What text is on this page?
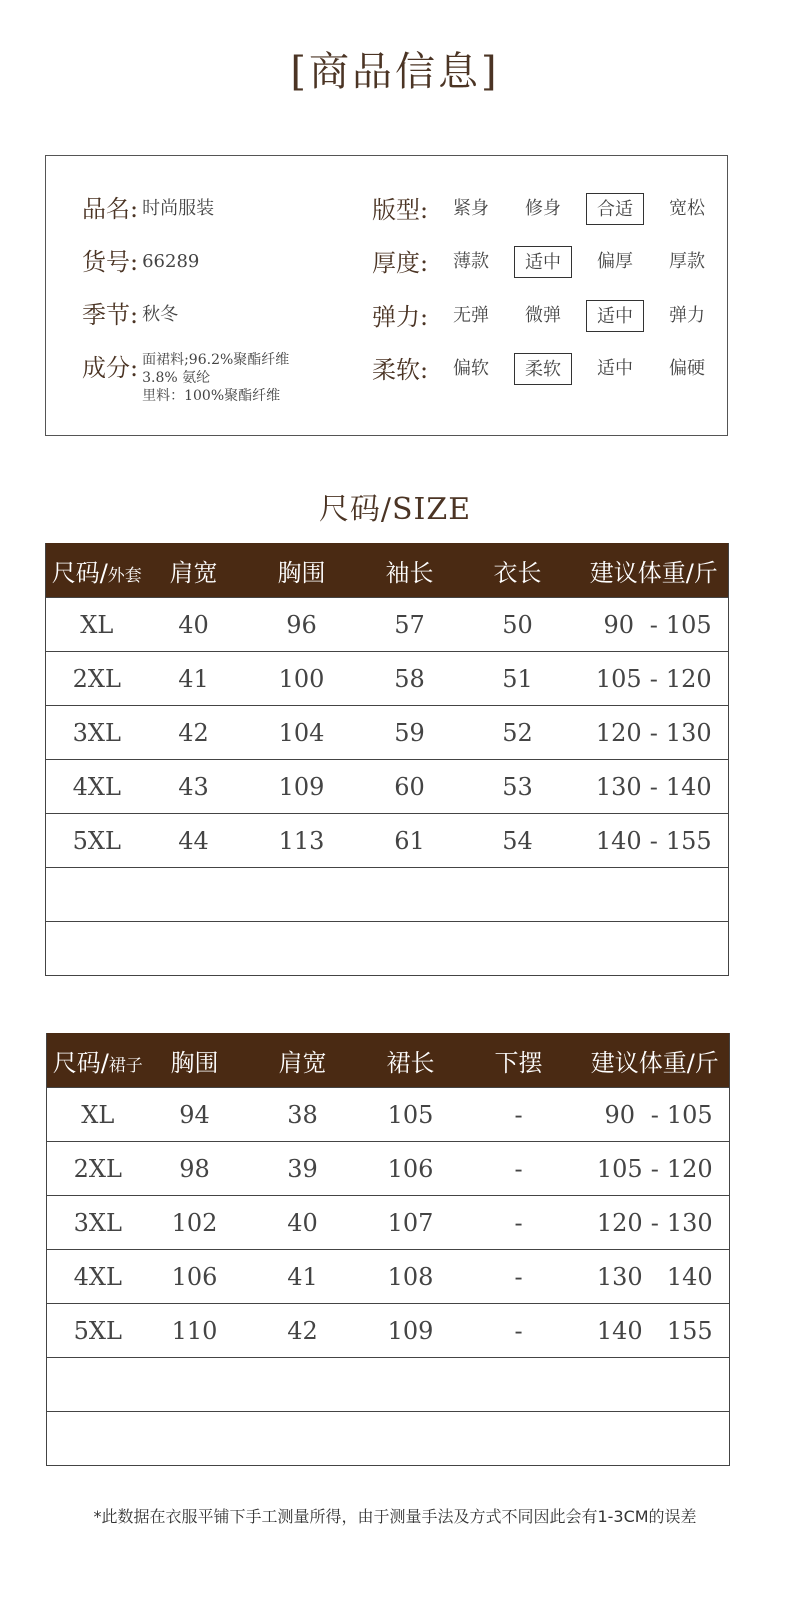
[商品信息]
品名: 时尚服装
货号: 66289
季节: 秋冬
成分: 面裙料;96.2%聚酯纤维
3.8% 氨纶
里料：100%聚酯纤维
版型:	紧身	修身	合适	宽松
厚度:	薄款	适中	偏厚	厚款
弹力:	无弹	微弹	适中	弹力
柔软:	偏软	柔软	适中	偏硬
尺码/SIZE
尺码/外套	肩宽	胸围	袖长	衣长	建议体重/斤
XL	40	96	57	50	90 - 105
2XL	41	100	58	51	105 - 120
3XL	42	104	59	52	120 - 130
4XL	43	109	60	53	130 - 140
5XL	44	113	61	54	140 - 155

尺码/裙子	胸围	肩宽	裙长	下摆	建议体重/斤
XL	94	38	105	-	90 - 105
2XL	98	39	106	-	105 - 120
3XL	102	40	107	-	120 - 130
4XL	106	41	108	-	130 140
5XL	110	42	109	-	140 155

*此数据在衣服平铺下手工测量所得，由于测量手法及方式不同因此会有1-3CM的误差
